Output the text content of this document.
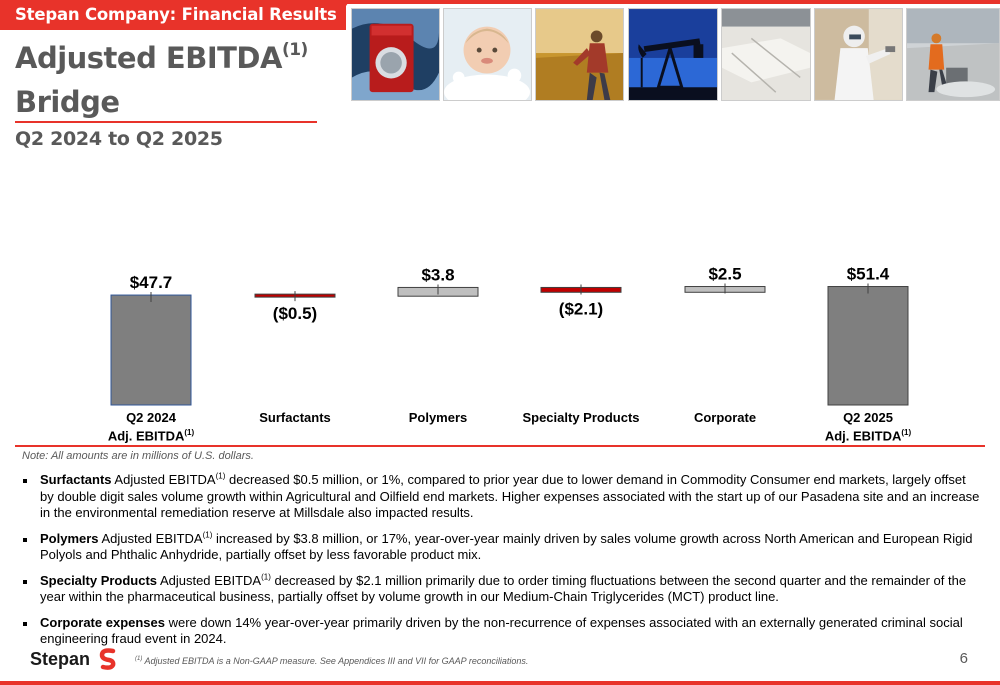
Stepan Company: Financial Results
Adjusted EBITDA$^{(1)}$
Bridge
Q2 2024 to Q2 2025
$47.7
($0.5)
$3.8
($2.1)
$2.5	$51.4
Q2 2024
Adj. EBITDA$^{(1)}$
Surfactants	Polymers	Specialty Products	Corporate	Q2 2025
Adj. EBITDA$^{(1)}$
Note: All amounts are in millions of U.S. dollars.
Surfactants Adjusted EBITDA$^{(1)}$ decreased $0.5 million, or 1%, compared to prior year due to lower demand in Commodity Consumer end markets, largely offset by double digit sales volume growth within Agricultural and Oilfield end markets. Higher expenses associated with the start up of our Pasadena site and an increase in the environmental remediation reserve at Millsdale also impacted results.
Polymers Adjusted EBITDA$^{(1)}$ increased by $3.8 million, or 17%, year-over-year mainly driven by sales volume growth across North American and European Rigid Polyols and Phthalic Anhydride, partially offset by less favorable product mix.
Specialty Products Adjusted EBITDA$^{(1)}$ decreased by $2.1 million primarily due to order timing fluctuations between the second quarter and the remainder of the year within the pharmaceutical business, partially offset by volume growth in our Medium-Chain Triglycerides (MCT) product line.
Corporate expenses were down 14% year-over-year primarily driven by the non-recurrence of expenses associated with an externally generated criminal social engineering fraud event in 2024.
Stepan	$^{(1)}$ Adjusted EBITDA is a Non-GAAP measure. See Appendices III and VII for GAAP reconciliations.	6
